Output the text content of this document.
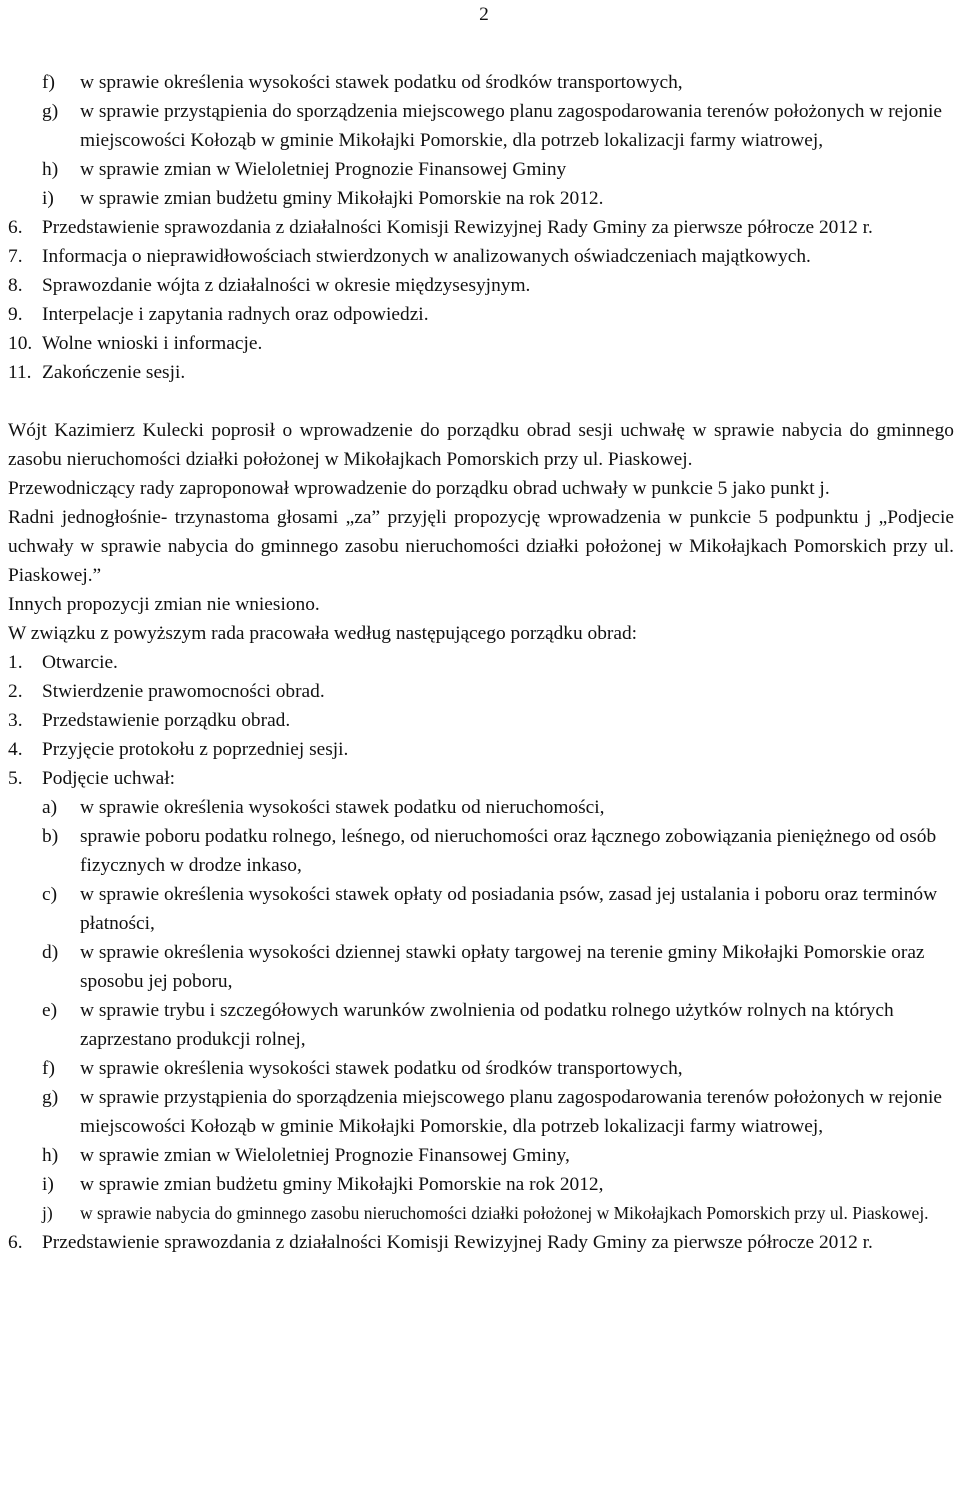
2
f) w sprawie określenia wysokości stawek podatku od środków transportowych,
g) w sprawie przystąpienia do sporządzenia miejscowego planu zagospodarowania terenów położonych w rejonie miejscowości Kołoząb w gminie Mikołajki Pomorskie, dla potrzeb lokalizacji farmy wiatrowej,
h) w sprawie zmian w Wieloletniej Prognozie Finansowej Gminy
i) w sprawie zmian budżetu gminy Mikołajki Pomorskie na rok 2012.
6. Przedstawienie sprawozdania z działalności Komisji Rewizyjnej Rady Gminy za pierwsze półrocze 2012 r.
7. Informacja o nieprawidłowościach stwierdzonych w analizowanych oświadczeniach majątkowych.
8. Sprawozdanie wójta z działalności w okresie międzysesyjnym.
9. Interpelacje i zapytania radnych oraz odpowiedzi.
10. Wolne wnioski i informacje.
11. Zakończenie sesji.
Wójt Kazimierz Kulecki poprosił o wprowadzenie do porządku obrad sesji uchwałę w sprawie nabycia do gminnego zasobu nieruchomości działki położonej w Mikołajkach Pomorskich przy ul. Piaskowej.
Przewodniczący rady zaproponował wprowadzenie do porządku obrad uchwały w punkcie 5 jako punkt j.
Radni jednogłośnie- trzynastoma głosami „za” przyjęli propozycję wprowadzenia w punkcie 5 podpunktu j „Podjecie uchwały w sprawie nabycia do gminnego zasobu nieruchomości działki położonej w Mikołajkach Pomorskich przy ul. Piaskowej.”
Innych propozycji zmian nie wniesiono.
W związku z powyższym rada pracowała według następującego porządku obrad:
1. Otwarcie.
2. Stwierdzenie prawomocności obrad.
3. Przedstawienie porządku obrad.
4. Przyjęcie protokołu z poprzedniej sesji.
5. Podjęcie uchwał:
a) w sprawie określenia wysokości stawek podatku od nieruchomości,
b) sprawie poboru podatku rolnego, leśnego, od nieruchomości oraz łącznego zobowiązania pieniężnego od osób fizycznych w drodze inkaso,
c) w sprawie określenia wysokości stawek opłaty od posiadania psów, zasad jej ustalania i poboru oraz terminów płatności,
d) w sprawie określenia wysokości dziennej stawki opłaty targowej na terenie gminy Mikołajki Pomorskie oraz sposobu jej poboru,
e) w sprawie trybu i szczegółowych warunków zwolnienia od podatku rolnego użytków rolnych na których zaprzestano produkcji rolnej,
f) w sprawie określenia wysokości stawek podatku od środków transportowych,
g) w sprawie przystąpienia do sporządzenia miejscowego planu zagospodarowania terenów położonych w rejonie miejscowości Kołoząb w gminie Mikołajki Pomorskie, dla potrzeb lokalizacji farmy wiatrowej,
h) w sprawie zmian w Wieloletniej Prognozie Finansowej Gminy,
i) w sprawie zmian budżetu gminy Mikołajki Pomorskie na rok 2012,
j) w sprawie nabycia do gminnego zasobu nieruchomości działki położonej w Mikołajkach Pomorskich przy ul. Piaskowej.
6. Przedstawienie sprawozdania z działalności Komisji Rewizyjnej Rady Gminy za pierwsze półrocze 2012 r.
